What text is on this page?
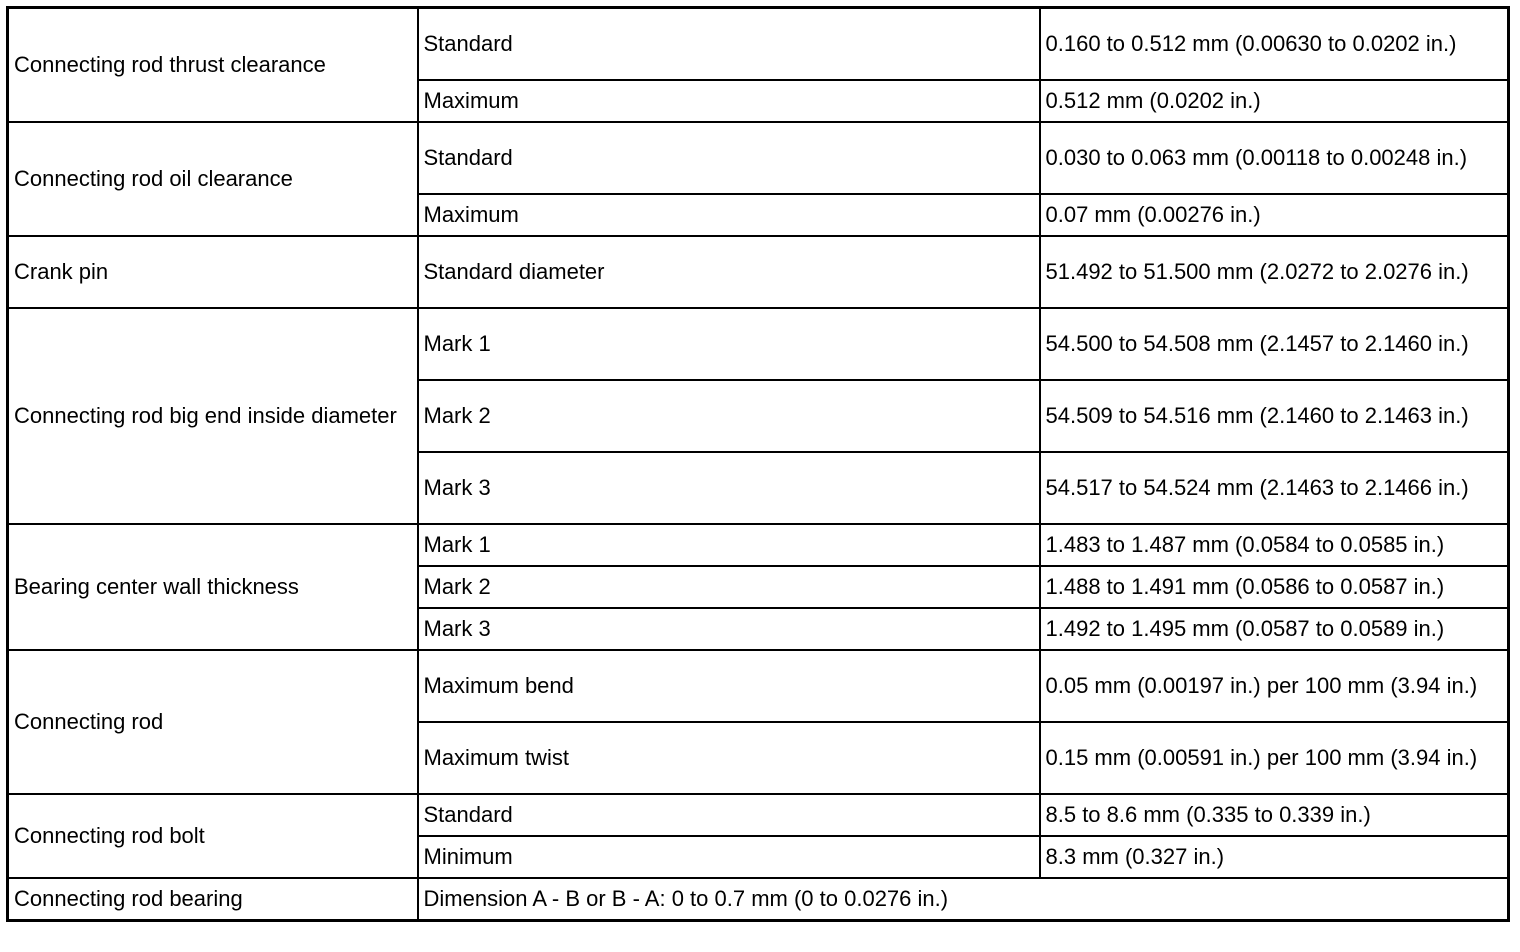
Connecting rod thrust clearance	Standard	0.160 to 0.512 mm (0.00630 to 0.0202 in.)
	Maximum	0.512 mm (0.0202 in.)
Connecting rod oil clearance	Standard	0.030 to 0.063 mm (0.00118 to 0.00248 in.)
	Maximum	0.07 mm (0.00276 in.)
Crank pin	Standard diameter	51.492 to 51.500 mm (2.0272 to 2.0276 in.)
Connecting rod big end inside diameter	Mark 1	54.500 to 54.508 mm (2.1457 to 2.1460 in.)
	Mark 2	54.509 to 54.516 mm (2.1460 to 2.1463 in.)
	Mark 3	54.517 to 54.524 mm (2.1463 to 2.1466 in.)
Bearing center wall thickness	Mark 1	1.483 to 1.487 mm (0.0584 to 0.0585 in.)
	Mark 2	1.488 to 1.491 mm (0.0586 to 0.0587 in.)
	Mark 3	1.492 to 1.495 mm (0.0587 to 0.0589 in.)
Connecting rod	Maximum bend	0.05 mm (0.00197 in.) per 100 mm (3.94 in.)
	Maximum twist	0.15 mm (0.00591 in.) per 100 mm (3.94 in.)
Connecting rod bolt	Standard	8.5 to 8.6 mm (0.335 to 0.339 in.)
	Minimum	8.3 mm (0.327 in.)
Connecting rod bearing	Dimension A - B or B - A: 0 to 0.7 mm (0 to 0.0276 in.)	
